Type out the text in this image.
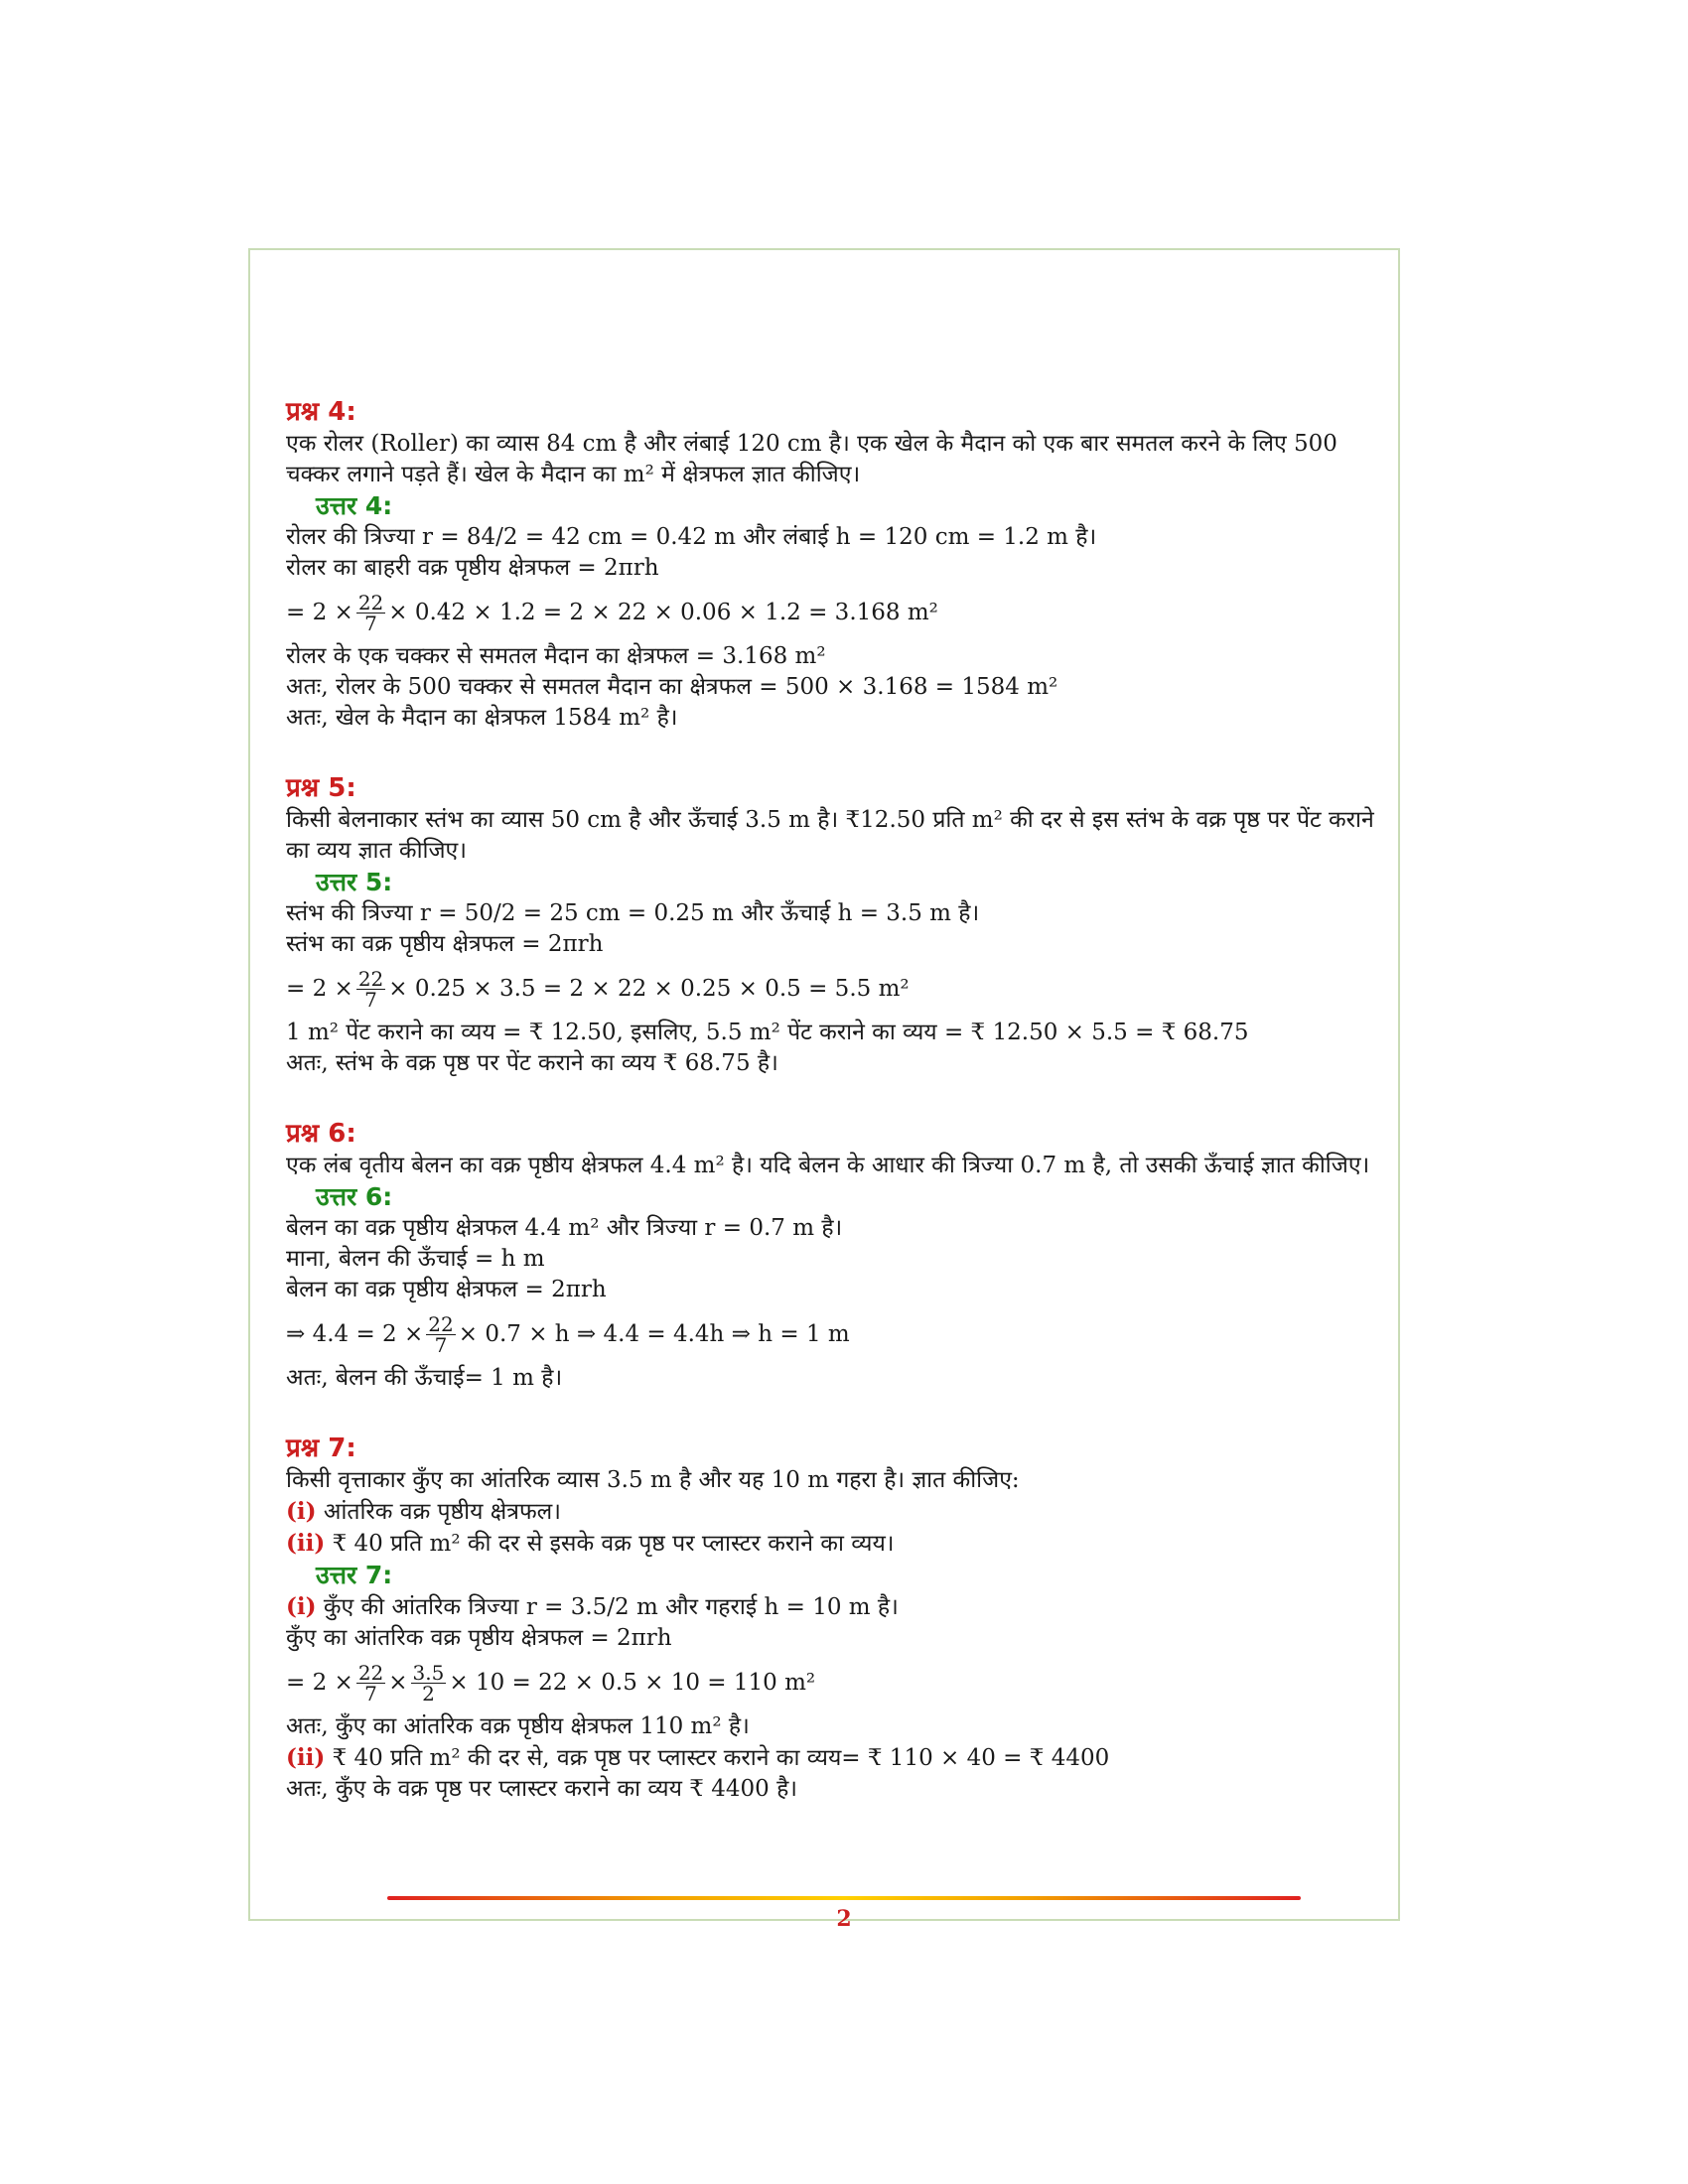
प्रश्न 4:
एक रोलर (Roller) का व्यास 84 cm है और लंबाई 120 cm है। एक खेल के मैदान को एक बार समतल करने के लिए 500 चक्कर लगाने पड़ते हैं। खेल के मैदान का m² में क्षेत्रफल ज्ञात कीजिए।
उत्तर 4:
रोलर की त्रिज्या r = 84/2 = 42 cm = 0.42 m और लंबाई h = 120 cm = 1.2 m है।
रोलर का बाहरी वक्र पृष्ठीय क्षेत्रफल = 2πrh
= $2 \times \frac{22}{7} \times 0.42 \times 1.2 = 2 \times 22 \times 0.06 \times 1.2 = 3.168$ m²
रोलर के एक चक्कर से समतल मैदान का क्षेत्रफल = 3.168 m²
अतः, रोलर के 500 चक्कर से समतल मैदान का क्षेत्रफल = 500 × 3.168 = 1584 m²
अतः, खेल के मैदान का क्षेत्रफल 1584 m² है।
प्रश्न 5:
किसी बेलनाकार स्तंभ का व्यास 50 cm है और ऊँचाई 3.5 m है। ₹12.50 प्रति m² की दर से इस स्तंभ के वक्र पृष्ठ पर पेंट कराने का व्यय ज्ञात कीजिए।
उत्तर 5:
स्तंभ की त्रिज्या r = 50/2 = 25 cm = 0.25 m और ऊँचाई h = 3.5 m है।
स्तंभ का वक्र पृष्ठीय क्षेत्रफल = 2πrh
= $2 \times \frac{22}{7} \times 0.25 \times 3.5 = 2 \times 22 \times 0.25 \times 0.5 = 5.5$ m²
1 m² पेंट कराने का व्यय = ₹ 12.50, इसलिए, 5.5 m² पेंट कराने का व्यय = ₹ 12.50 × 5.5 = ₹ 68.75
अतः, स्तंभ के वक्र पृष्ठ पर पेंट कराने का व्यय ₹ 68.75 है।
प्रश्न 6:
एक लंब वृतीय बेलन का वक्र पृष्ठीय क्षेत्रफल 4.4 m² है। यदि बेलन के आधार की त्रिज्या 0.7 m है, तो उसकी ऊँचाई ज्ञात कीजिए।
उत्तर 6:
बेलन का वक्र पृष्ठीय क्षेत्रफल 4.4 m² और त्रिज्या r = 0.7 m है।
माना, बेलन की ऊँचाई = h m
बेलन का वक्र पृष्ठीय क्षेत्रफल = 2πrh
⇒ $4.4 = 2 \times \frac{22}{7} \times 0.7 \times h$ ⇒ 4.4 = 4.4h ⇒ h = 1 m
अतः, बेलन की ऊँचाई= 1 m है।
प्रश्न 7:
किसी वृत्ताकार कुँए का आंतरिक व्यास 3.5 m है और यह 10 m गहरा है। ज्ञात कीजिए:
(i) आंतरिक वक्र पृष्ठीय क्षेत्रफल।
(ii) ₹ 40 प्रति m² की दर से इसके वक्र पृष्ठ पर प्लास्टर कराने का व्यय।
उत्तर 7:
(i) कुँए की आंतरिक त्रिज्या r = 3.5/2 m और गहराई h = 10 m है।
कुँए का आंतरिक वक्र पृष्ठीय क्षेत्रफल = 2πrh
= $2 \times \frac{22}{7} \times \frac{3.5}{2} \times 10 = 22 \times 0.5 \times 10 = 110$ m²
अतः, कुँए का आंतरिक वक्र पृष्ठीय क्षेत्रफल 110 m² है।
(ii) ₹ 40 प्रति m² की दर से, वक्र पृष्ठ पर प्लास्टर कराने का व्यय= ₹ 110 × 40 = ₹ 4400
अतः, कुँए के वक्र पृष्ठ पर प्लास्टर कराने का व्यय ₹ 4400 है।
2
